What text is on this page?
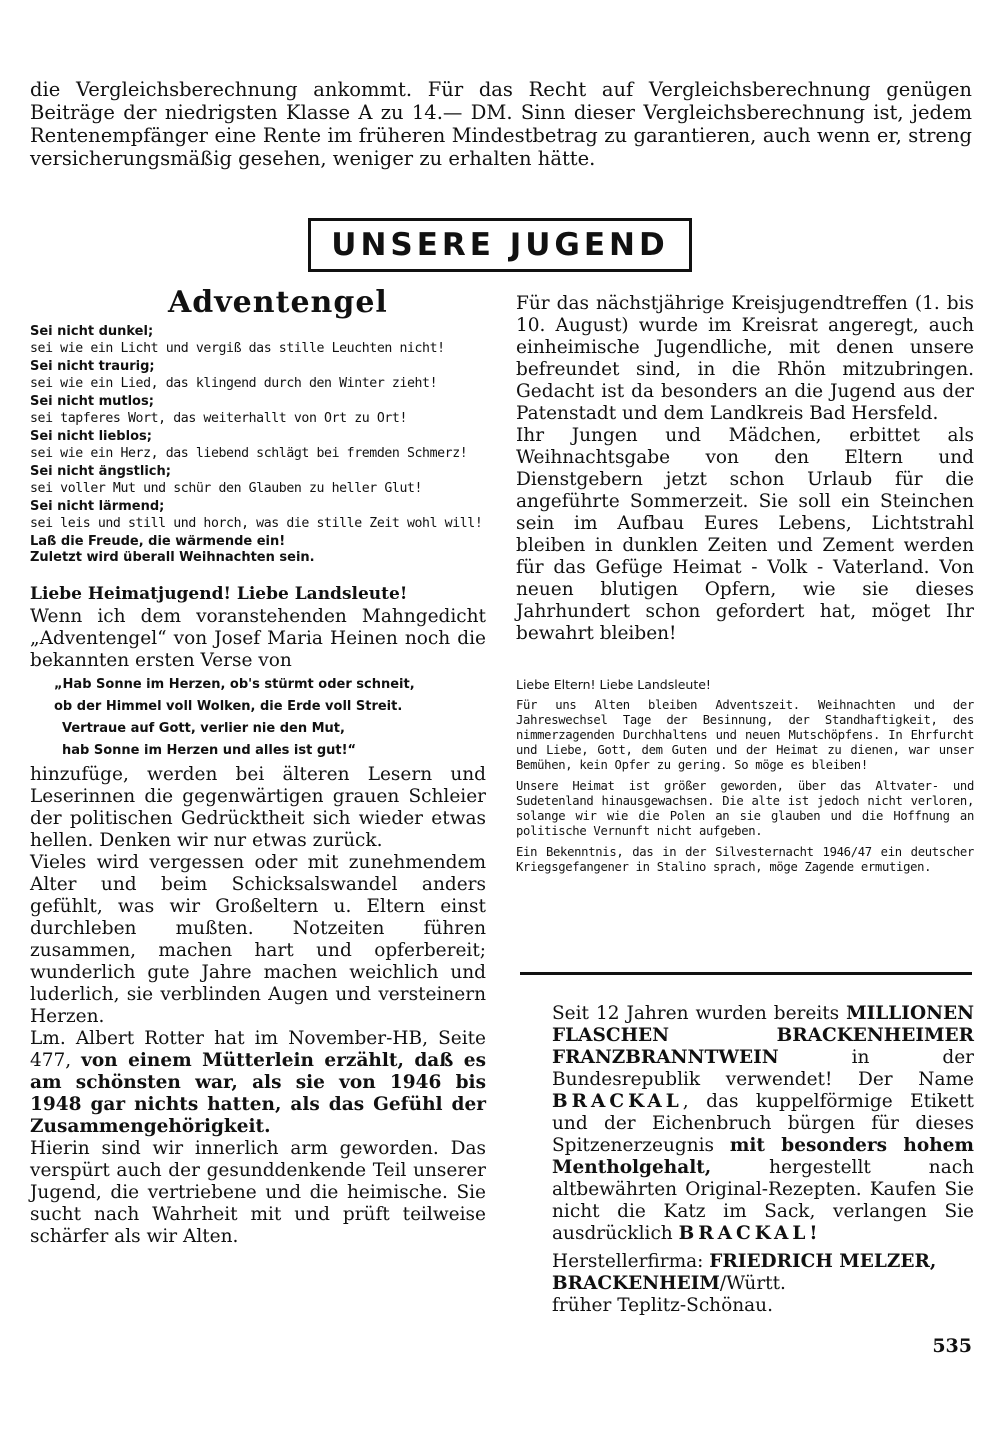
die Vergleichsberechnung ankommt. Für das Recht auf Vergleichsberechnung genügen Beiträge der niedrigsten Klasse A zu 14.— DM. Sinn dieser Vergleichsberechnung ist, jedem Rentenempfänger eine Rente im früheren Mindestbetrag zu garantieren, auch wenn er, streng versicherungsmäßig gesehen, weniger zu erhalten hätte.

UNSERE JUGEND
Adventengel

Sei nicht dunkel;

sei wie ein Licht und vergiß das stille Leuchten nicht!

Sei nicht traurig;

sei wie ein Lied, das klingend durch den Winter zieht!

Sei nicht mutlos;

sei tapferes Wort, das weiterhallt von Ort zu Ort!

Sei nicht lieblos;

sei wie ein Herz, das liebend schlägt bei fremden Schmerz!

Sei nicht ängstlich;

sei voller Mut und schür den Glauben zu heller Glut!

Sei nicht lärmend;

sei leis und still und horch, was die stille Zeit wohl will!

Laß die Freude, die wärmende ein!

Zuletzt wird überall Weihnachten sein.

Liebe Heimatjugend! Liebe Landsleute!

Wenn ich dem voranstehenden Mahngedicht „Adventengel“ von Josef Maria Heinen noch die bekannten ersten Verse von

„Hab Sonne im Herzen, ob's stürmt oder schneit,

ob der Himmel voll Wolken, die Erde voll Streit.

Vertraue auf Gott, verlier nie den Mut,

hab Sonne im Herzen und alles ist gut!“

hinzufüge, werden bei älteren Lesern und Leserinnen die gegenwärtigen grauen Schleier der politischen Gedrücktheit sich wieder etwas hellen. Denken wir nur etwas zurück.

Vieles wird vergessen oder mit zunehmendem Alter und beim Schicksalswandel anders gefühlt, was wir Großeltern u. Eltern einst durchleben mußten. Notzeiten führen zusammen, machen hart und opferbereit; wunderlich gute Jahre machen weichlich und luderlich, sie verblinden Augen und versteinern Herzen.

Lm. Albert Rotter hat im November-HB, Seite 477, von einem Mütterlein erzählt, daß es am schönsten war, als sie von 1946 bis 1948 gar nichts hatten, als das Gefühl der Zusammengehörigkeit.

Hierin sind wir innerlich arm geworden. Das verspürt auch der gesunddenkende Teil unserer Jugend, die vertriebene und die heimische. Sie sucht nach Wahrheit mit und prüft teilweise schärfer als wir Alten.

Für das nächstjährige Kreisjugendtreffen (1. bis 10. August) wurde im Kreisrat angeregt, auch einheimische Jugendliche, mit denen unsere befreundet sind, in die Rhön mitzubringen. Gedacht ist da besonders an die Jugend aus der Patenstadt und dem Landkreis Bad Hersfeld.

Ihr Jungen und Mädchen, erbittet als Weihnachtsgabe von den Eltern und Dienstgebern jetzt schon Urlaub für die angeführte Sommerzeit. Sie soll ein Steinchen sein im Aufbau Eures Lebens, Lichtstrahl bleiben in dunklen Zeiten und Zement werden für das Gefüge Heimat - Volk - Vaterland. Von neuen blutigen Opfern, wie sie dieses Jahrhundert schon gefordert hat, möget Ihr bewahrt bleiben!

Liebe Eltern! Liebe Landsleute!

Für uns Alten bleiben Adventszeit. Weihnachten und der Jahreswechsel Tage der Besinnung, der Standhaftigkeit, des nimmerzagenden Durchhaltens und neuen Mutschöpfens. In Ehrfurcht und Liebe, Gott, dem Guten und der Heimat zu dienen, war unser Bemühen, kein Opfer zu gering. So möge es bleiben!

Unsere Heimat ist größer geworden, über das Altvater- und Sudetenland hinausgewachsen. Die alte ist jedoch nicht verloren, solange wir wie die Polen an sie glauben und die Hoffnung an politische Vernunft nicht aufgeben.

Ein Bekenntnis, das in der Silvesternacht 1946/47 ein deutscher Kriegsgefangener in Stalino sprach, möge Zagende ermutigen.

Seit 12 Jahren wurden bereits MILLIONEN FLASCHEN BRACKENHEIMER FRANZBRANNTWEIN in der Bundesrepublik verwendet! Der Name BRACKAL, das kuppelförmige Etikett und der Eichenbruch bürgen für dieses Spitzenerzeugnis mit besonders hohem Mentholgehalt, hergestellt nach altbewährten Original-Rezepten. Kaufen Sie nicht die Katz im Sack, verlangen Sie ausdrücklich BRACKAL!

Herstellerfirma: FRIEDRICH MELZER, BRACKENHEIM/Württ.

früher Teplitz-Schönau.

535
